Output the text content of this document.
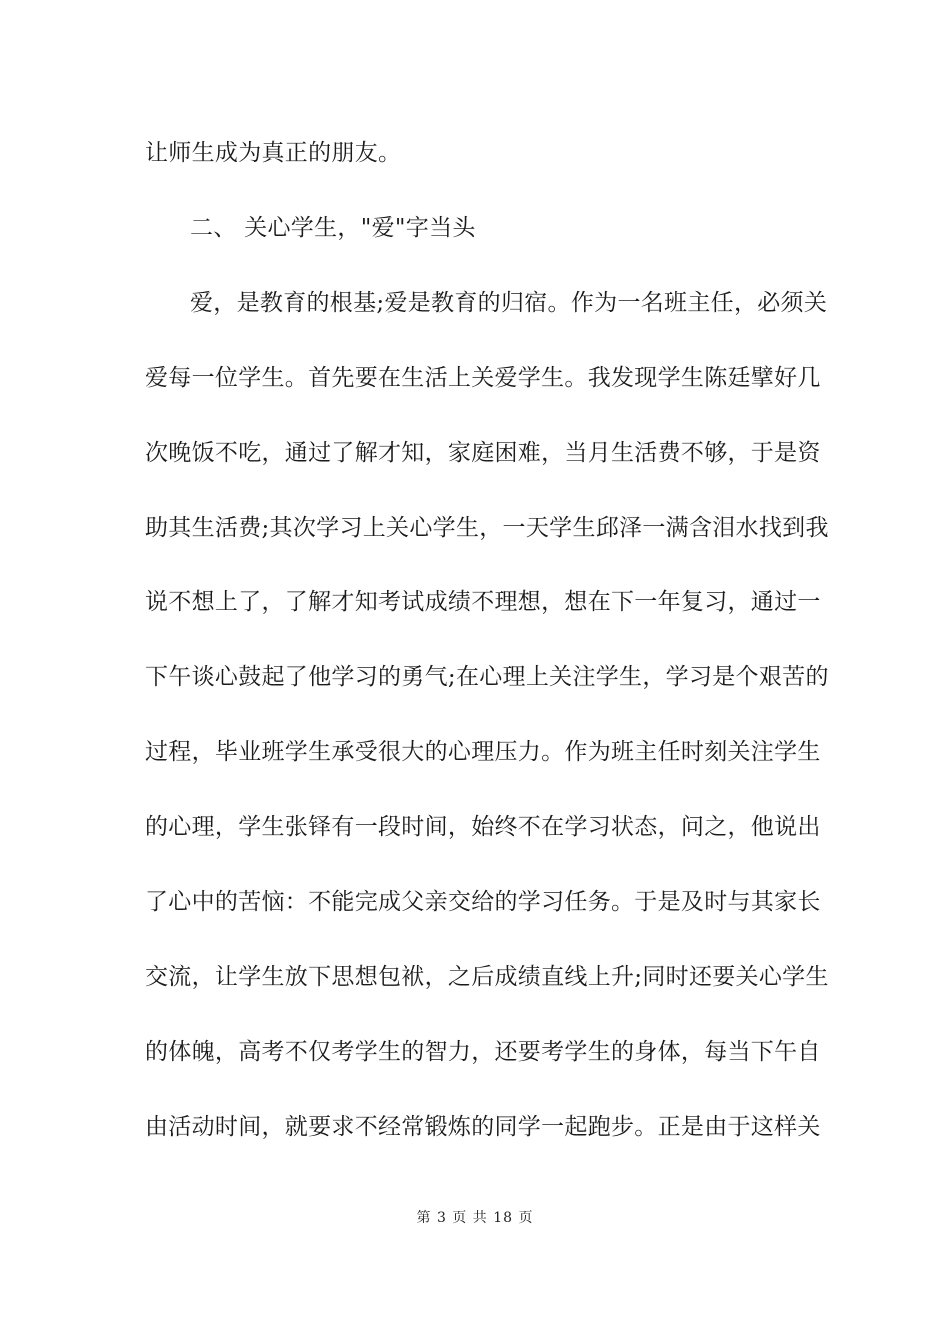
让师生成为真正的朋友。
二、 关心学生，"爱"字当头
爱，是教育的根基;爱是教育的归宿。作为一名班主任，必须关
爱每一位学生。首先要在生活上关爱学生。我发现学生陈廷擘好几
次晚饭不吃，通过了解才知，家庭困难，当月生活费不够，于是资
助其生活费;其次学习上关心学生，一天学生邱泽一满含泪水找到我
说不想上了，了解才知考试成绩不理想，想在下一年复习，通过一
下午谈心鼓起了他学习的勇气;在心理上关注学生，学习是个艰苦的
过程，毕业班学生承受很大的心理压力。作为班主任时刻关注学生
的心理，学生张铎有一段时间，始终不在学习状态，问之，他说出
了心中的苦恼：不能完成父亲交给的学习任务。于是及时与其家长
交流，让学生放下思想包袱，之后成绩直线上升;同时还要关心学生
的体魄，高考不仅考学生的智力，还要考学生的身体，每当下午自
由活动时间，就要求不经常锻炼的同学一起跑步。正是由于这样关
第 3 页 共 18 页
